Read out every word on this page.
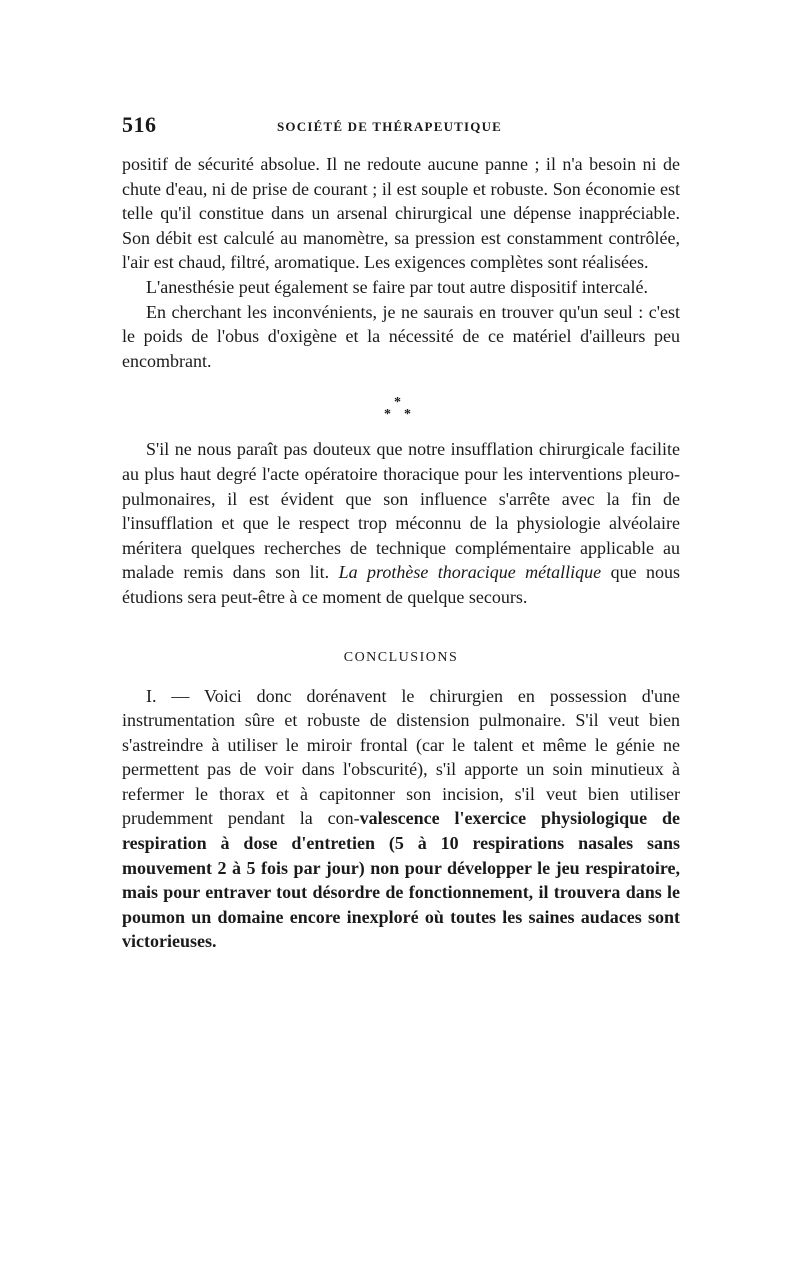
516	SOCIÉTÉ DE THÉRAPEUTIQUE

positif de sécurité absolue. Il ne redoute aucune panne ; il n'a besoin ni de chute d'eau, ni de prise de courant ; il est souple et robuste. Son économie est telle qu'il constitue dans un arsenal chirurgical une dépense inappréciable. Son débit est calculé au manomètre, sa pression est constamment contrôlée, l'air est chaud, filtré, aromatique. Les exigences complètes sont réalisées.

L'anesthésie peut également se faire par tout autre dispositif intercalé.

En cherchant les inconvénients, je ne saurais en trouver qu'un seul : c'est le poids de l'obus d'oxigène et la nécessité de ce matériel d'ailleurs peu encombrant.

*
* *

S'il ne nous paraît pas douteux que notre insufflation chirurgicale facilite au plus haut degré l'acte opératoire thoracique pour les interventions pleuro-pulmonaires, il est évident que son influence s'arrête avec la fin de l'insufflation et que le respect trop méconnu de la physiologie alvéolaire méritera quelques recherches de technique complémentaire applicable au malade remis dans son lit. La prothèse thoracique métallique que nous étudions sera peut-être à ce moment de quelque secours.

CONCLUSIONS

I. — Voici donc dorénavent le chirurgien en possession d'une instrumentation sûre et robuste de distension pulmonaire. S'il veut bien s'astreindre à utiliser le miroir frontal (car le talent et même le génie ne permettent pas de voir dans l'obscurité), s'il apporte un soin minutieux à refermer le thorax et à capitonner son incision, s'il veut bien utiliser prudemment pendant la con-valescence l'exercice physiologique de respiration à dose d'entretien (5 à 10 respirations nasales sans mouvement 2 à 5 fois par jour) non pour développer le jeu respiratoire, mais pour entraver tout désordre de fonctionnement, il trouvera dans le poumon un domaine encore inexploré où toutes les saines audaces sont victorieuses.
